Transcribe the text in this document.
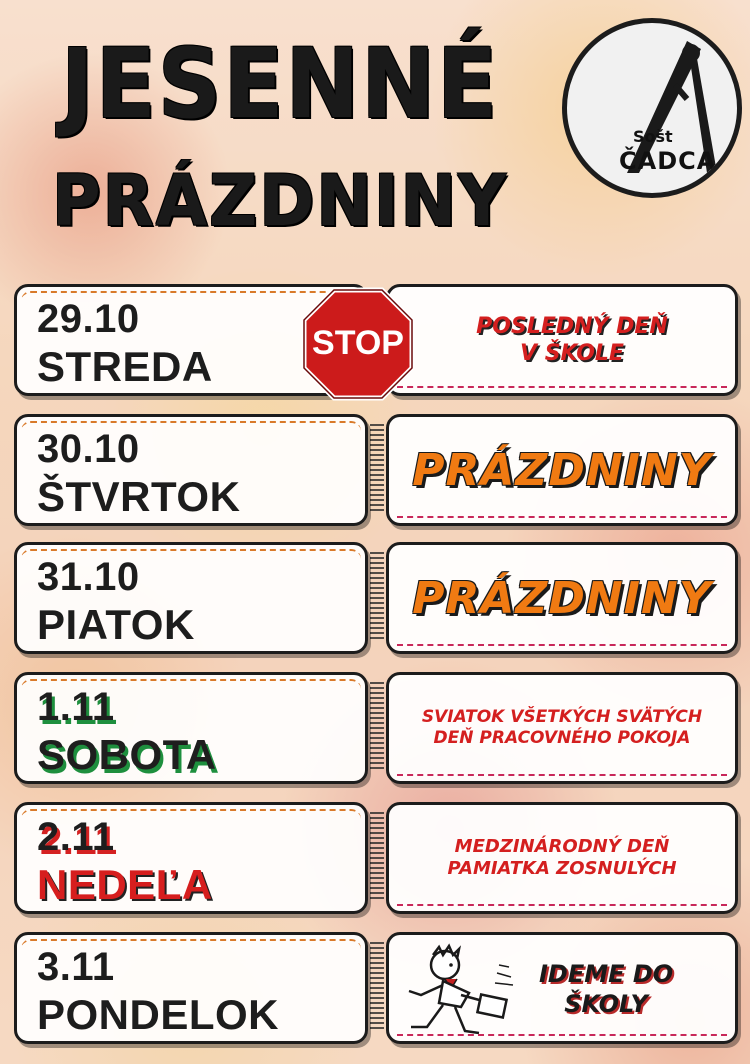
JESENNÉ
PRÁZDNINY
Sošt
ČADCA

29.10

STREDA

POSLEDNÝ DEŇ
V ŠKOLE

STOP

30.10

ŠTVRTOK

PRÁZDNINY

31.10

PIATOK

PRÁZDNINY

1.11

SOBOTA

SVIATOK VŠETKÝCH SVÄTÝCH
DEŇ PRACOVNÉHO POKOJA

2.11

NEDEĽA

MEDZINÁRODNÝ DEŇ
PAMIATKA ZOSNULÝCH

3.11

PONDELOK

IDEME DO
ŠKOLY
